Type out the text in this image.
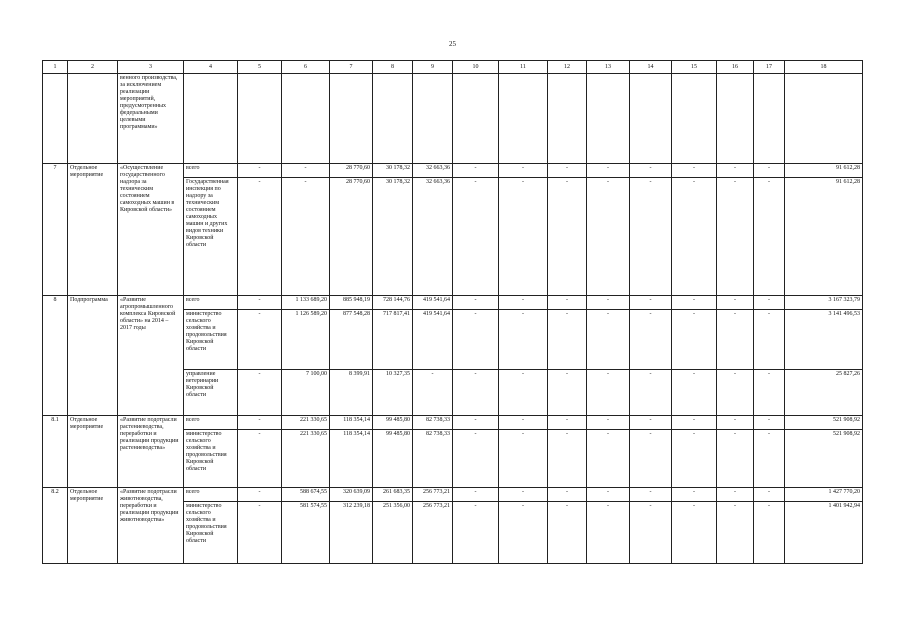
25
1	2	3	4	5	6	7	8	9	10	11	12	13	14	15	16	17	18
		венного производства, за исключением реализации мероприятий, предусмотренных федеральными целевыми программами»															
7	Отдельное мероприятие	«Осуществление государственного надзора за техническим состоянием самоходных машин в Кировской области»	всего	-	-	28 770,60	30 178,32	32 663,36	-	-	-	-	-	-	-	-	91 612,28
			Государственная инспекция по надзору за техническим состоянием самоходных машин и других видов техники Кировской области	-	-	28 770,60	30 178,32	32 663,36	-	-	-	-	-	-	-	-	91 612,28
8	Подпрограмма	«Развитие агропромышленного комплекса Кировской области» на 2014 – 2017 годы	всего	-	1 133 689,20	885 948,19	728 144,76	419 541,64	-	-	-	-	-	-	-	-	3 167 323,79
			министерство сельского хозяйства и продовольствия Кировской области	-	1 126 589,20	877 548,28	717 817,41	419 541,64	-	-	-	-	-	-	-	-	3 141 496,53
			управление ветеринарии Кировской области	-	7 100,00	8 399,91	10 327,35	-	-	-	-	-	-	-	-	-	25 827,26
8.1	Отдельное мероприятие	«Развитие подотрасли растениеводства, переработки и реализации продукции растениеводства»	всего	-	221 330,65	118 354,14	99 485,80	82 738,33	-	-	-	-	-	-	-	-	521 908,92
			министерство сельского хозяйства и продовольствия Кировской области	-	221 330,65	118 354,14	99 485,80	82 738,33	-	-	-	-	-	-	-	-	521 908,92
8.2	Отдельное мероприятие	«Развитие подотрасли животноводства, переработки и реализации продукции животноводства»	всего	-	588 674,55	320 639,09	261 683,35	256 773,21	-	-	-	-	-	-	-	-	1 427 770,20
			министерство сельского хозяйства и продовольствия Кировской области	-	581 574,55	312 239,18	251 356,00	256 773,21	-	-	-	-	-	-	-	-	1 401 942,94
